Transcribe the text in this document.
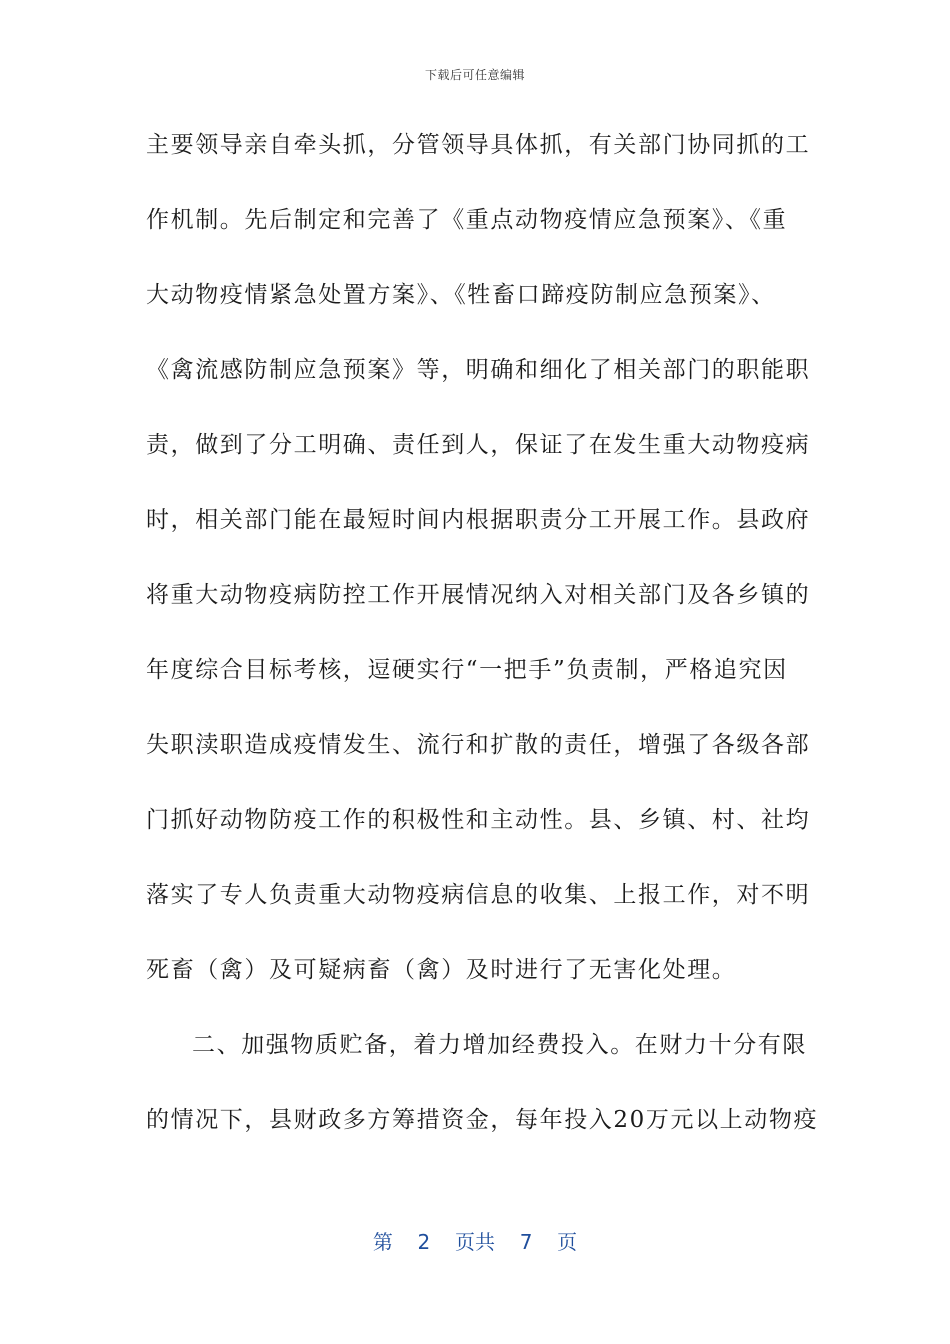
下载后可任意编辑
主要领导亲自牵头抓，分管领导具体抓，有关部门协同抓的工
作机制。先后制定和完善了《重点动物疫情应急预案》、《重
大动物疫情紧急处置方案》、《牲畜口蹄疫防制应急预案》、
《禽流感防制应急预案》等，明确和细化了相关部门的职能职
责，做到了分工明确、责任到人，保证了在发生重大动物疫病
时，相关部门能在最短时间内根据职责分工开展工作。县政府
将重大动物疫病防控工作开展情况纳入对相关部门及各乡镇的
年度综合目标考核，逗硬实行“一把手”负责制，严格追究因
失职渎职造成疫情发生、流行和扩散的责任，增强了各级各部
门抓好动物防疫工作的积极性和主动性。县、乡镇、村、社均
落实了专人负责重大动物疫病信息的收集、上报工作，对不明
死畜（禽）及可疑病畜（禽）及时进行了无害化处理。
二、加强物质贮备，着力增加经费投入。在财力十分有限
的情况下，县财政多方筹措资金，每年投入20万元以上动物疫
第  2  页共  7  页
